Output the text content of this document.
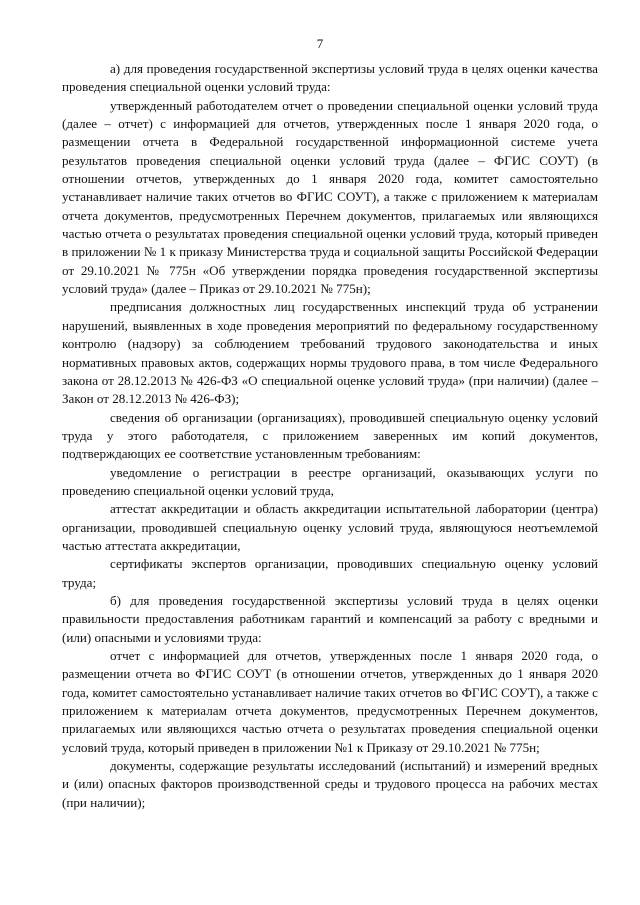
7

а) для проведения государственной экспертизы условий труда в целях оценки качества проведения специальной оценки условий труда:

утвержденный работодателем отчет о проведении специальной оценки условий труда (далее – отчет) с информацией для отчетов, утвержденных после 1 января 2020 года, о размещении отчета в Федеральной государственной информационной системе учета результатов проведения специальной оценки условий труда (далее – ФГИС СОУТ) (в отношении отчетов, утвержденных до 1 января 2020 года, комитет самостоятельно устанавливает наличие таких отчетов во ФГИС СОУТ), а также с приложением к материалам отчета документов, предусмотренных Перечнем документов, прилагаемых или являющихся частью отчета о результатах проведения специальной оценки условий труда, который приведен в приложении № 1 к приказу Министерства труда и социальной защиты Российской Федерации от 29.10.2021 № 775н «Об утверждении порядка проведения государственной экспертизы условий труда» (далее – Приказ от 29.10.2021 № 775н);

предписания должностных лиц государственных инспекций труда об устранении нарушений, выявленных в ходе проведения мероприятий по федеральному государственному контролю (надзору) за соблюдением требований трудового законодательства и иных нормативных правовых актов, содержащих нормы трудового права, в том числе Федерального закона от 28.12.2013 № 426-ФЗ «О специальной оценке условий труда» (при наличии) (далее – Закон от 28.12.2013 № 426-ФЗ);

сведения об организации (организациях), проводившей специальную оценку условий труда у этого работодателя, с приложением заверенных им копий документов, подтверждающих ее соответствие установленным требованиям:

уведомление о регистрации в реестре организаций, оказывающих услуги по проведению специальной оценки условий труда,

аттестат аккредитации и область аккредитации испытательной лаборатории (центра) организации, проводившей специальную оценку условий труда, являющуюся неотъемлемой частью аттестата аккредитации,

сертификаты экспертов организации, проводивших специальную оценку условий труда;

б) для проведения государственной экспертизы условий труда в целях оценки правильности предоставления работникам гарантий и компенсаций за работу с вредными и (или) опасными и условиями труда:

отчет с информацией для отчетов, утвержденных после 1 января 2020 года, о размещении отчета во ФГИС СОУТ (в отношении отчетов, утвержденных до 1 января 2020 года, комитет самостоятельно устанавливает наличие таких отчетов во ФГИС СОУТ), а также с приложением к материалам отчета документов, предусмотренных Перечнем документов, прилагаемых или являющихся частью отчета о результатах проведения специальной оценки условий труда, который приведен в приложении №1 к Приказу от 29.10.2021 № 775н;

документы, содержащие результаты исследований (испытаний) и измерений вредных и (или) опасных факторов производственной среды и трудового процесса на рабочих местах (при наличии);
